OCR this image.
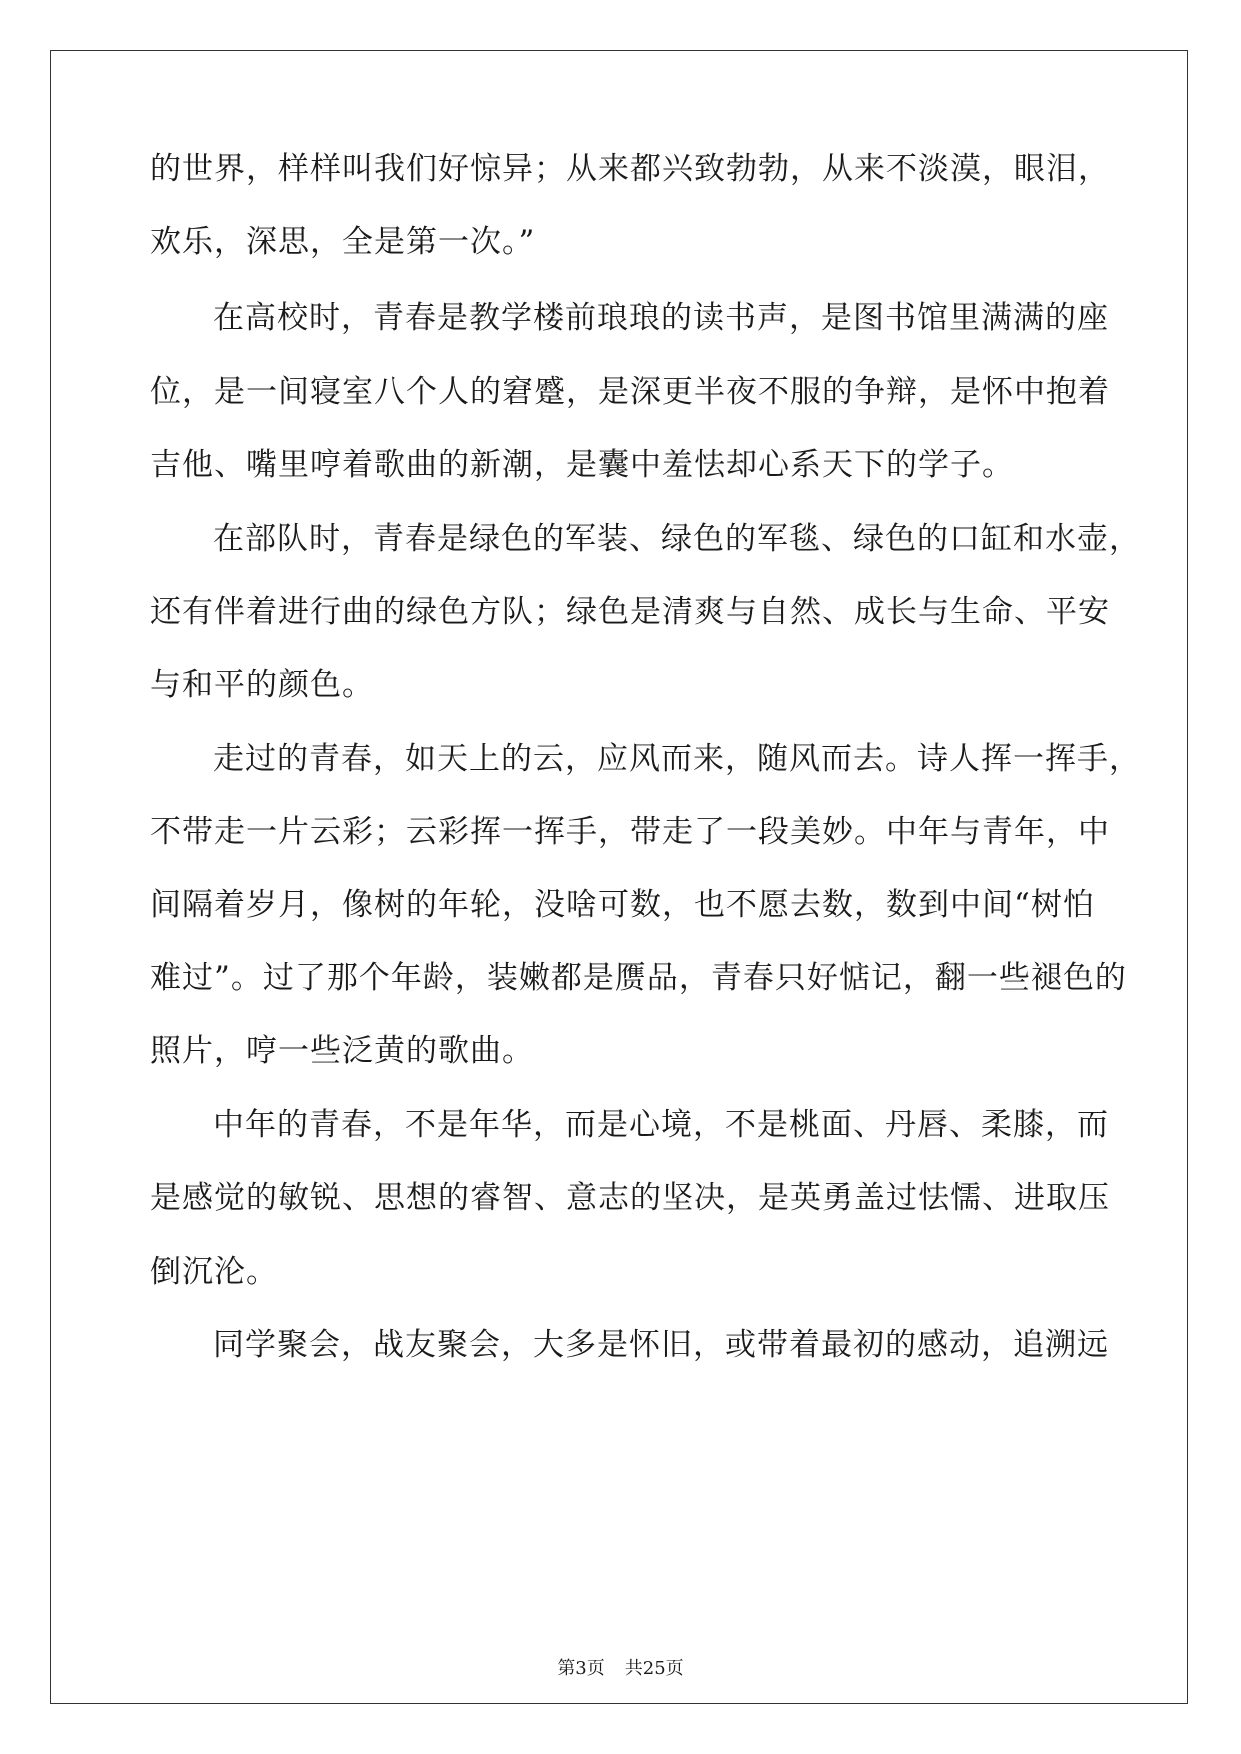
的世界，样样叫我们好惊异；从来都兴致勃勃，从来不淡漠，眼泪，
欢乐，深思，全是第一次。”
在高校时，青春是教学楼前琅琅的读书声，是图书馆里满满的座
位，是一间寝室八个人的窘蹙，是深更半夜不服的争辩，是怀中抱着
吉他、嘴里哼着歌曲的新潮，是囊中羞怯却心系天下的学子。
在部队时，青春是绿色的军装、绿色的军毯、绿色的口缸和水壶，
还有伴着进行曲的绿色方队；绿色是清爽与自然、成长与生命、平安
与和平的颜色。
走过的青春，如天上的云，应风而来，随风而去。诗人挥一挥手，
不带走一片云彩；云彩挥一挥手，带走了一段美妙。中年与青年，中
间隔着岁月，像树的年轮，没啥可数，也不愿去数，数到中间“树怕
难过”。过了那个年龄，装嫩都是赝品，青春只好惦记，翻一些褪色的
照片，哼一些泛黄的歌曲。
中年的青春，不是年华，而是心境，不是桃面、丹唇、柔膝，而
是感觉的敏锐、思想的睿智、意志的坚决，是英勇盖过怯懦、进取压
倒沉沦。
同学聚会，战友聚会，大多是怀旧，或带着最初的感动，追溯远
第3页 共25页
